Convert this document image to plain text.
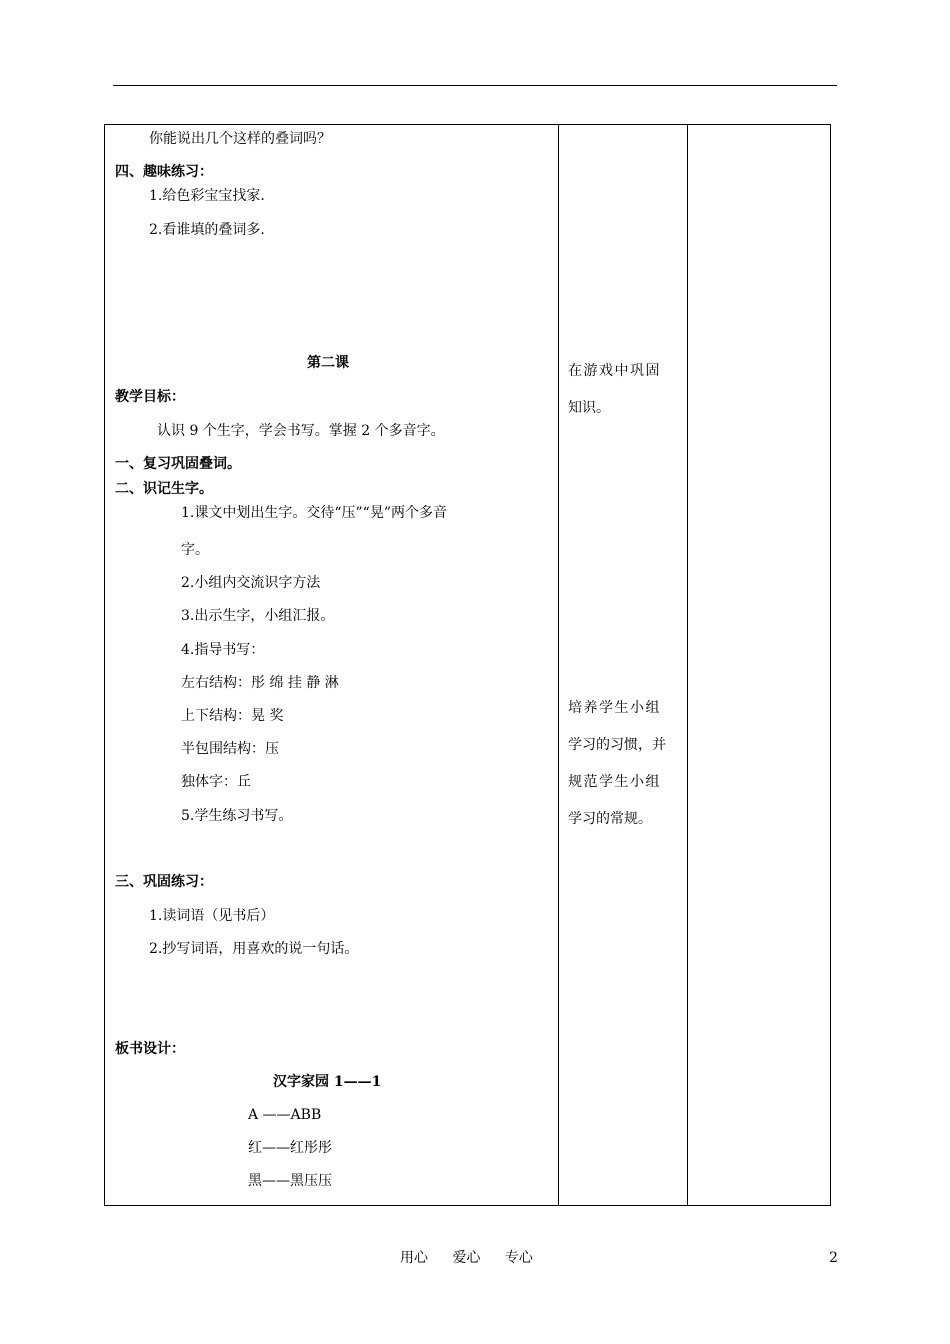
你能说出几个这样的叠词吗？
四、趣味练习：
1.给色彩宝宝找家.
2.看谁填的叠词多.
第二课
教学目标：
认识 9 个生字，学会书写。掌握 2 个多音字。
一、复习巩固叠词。
二、识记生字。
1.课文中划出生字。交待“压”“晃”两个多音
字。
2.小组内交流识字方法
3.出示生字，小组汇报。
4.指导书写：
左右结构：彤 绵 挂 静 淋
上下结构：晃 奖
半包围结构：压
独体字：丘
5.学生练习书写。
三、巩固练习：
1.读词语（见书后）
2.抄写词语，用喜欢的说一句话。
板书设计：
汉字家园 1——1
A ——ABB
红——红彤彤
黑——黑压压
在游戏中巩固
知识。
培养学生小组
学习的习惯，并
规范学生小组
学习的常规。
用心 爱心 专心	2
